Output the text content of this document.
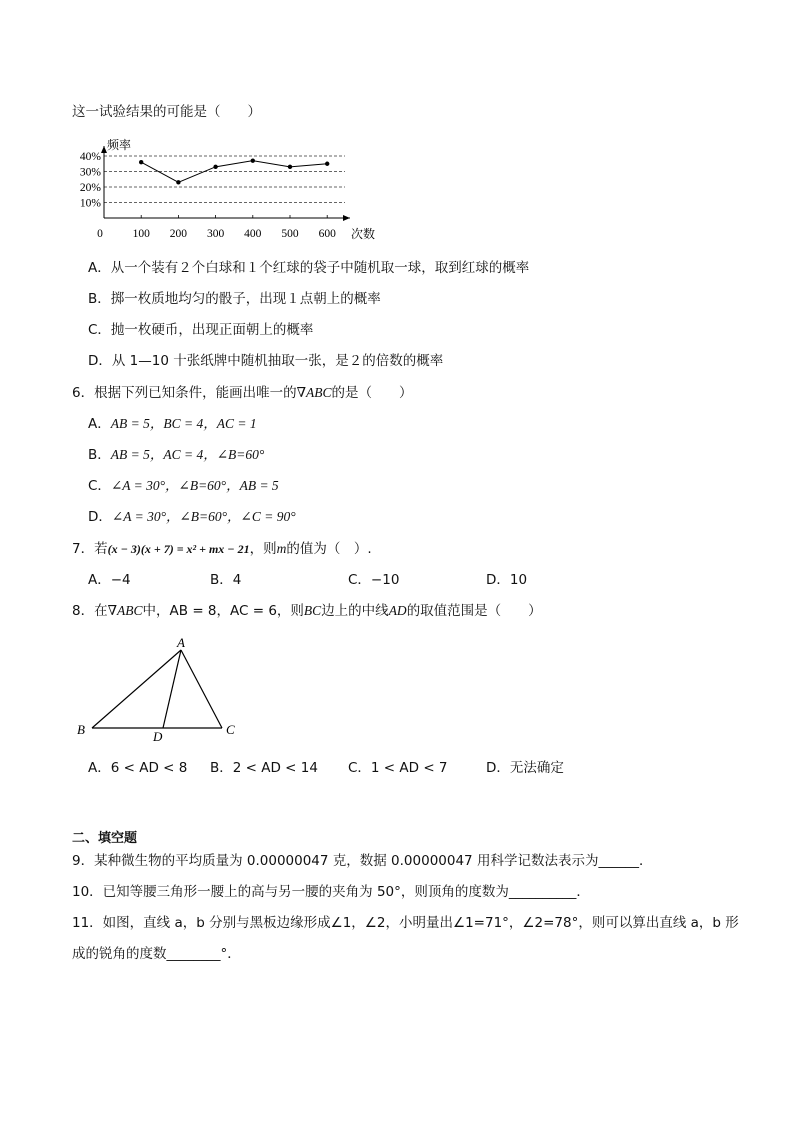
这一试验结果的可能是（　　）
40%
30%
20%
10%
频率
次数
0	100 200 300 400 500 600
A．从一个装有２个白球和１个红球的袋子中随机取一球，取到红球的概率
B．掷一枚质地均匀的骰子，出现１点朝上的概率
C．抛一枚硬币，出现正面朝上的概率
D．从 1—10 十张纸牌中随机抽取一张，是２的倍数的概率
6．根据下列已知条件，能画出唯一的∇ABC的是（　　）
A．AB = 5，BC = 4，AC = 1
B．AB = 5，AC = 4，∠B=60°
C．∠A = 30°，∠B=60°，AB = 5
D．∠A = 30°，∠B=60°，∠C = 90°
7．若(x − 3)(x + 7) = x² + mx − 21，则m的值为（　）.
A．−4	B．4	C．−10	D．10
8．在∇ABC中，AB = 8，AC = 6，则BC边上的中线AD的取值范围是（　　）
A
B	C
D
A．6 < AD < 8 B．2 < AD < 14 C．1 < AD < 7	D．无法确定
二、填空题
9．某种微生物的平均质量为 0.00000047 克，数据 0.00000047 用科学记数法表示为______．
10．已知等腰三角形一腰上的高与另一腰的夹角为 50°，则顶角的度数为__________．
11．如图，直线 a，b 分别与黑板边缘形成∠1，∠2，小明量出∠1=71°，∠2=78°，则可以算出直线 a，b 形
成的锐角的度数________°．
